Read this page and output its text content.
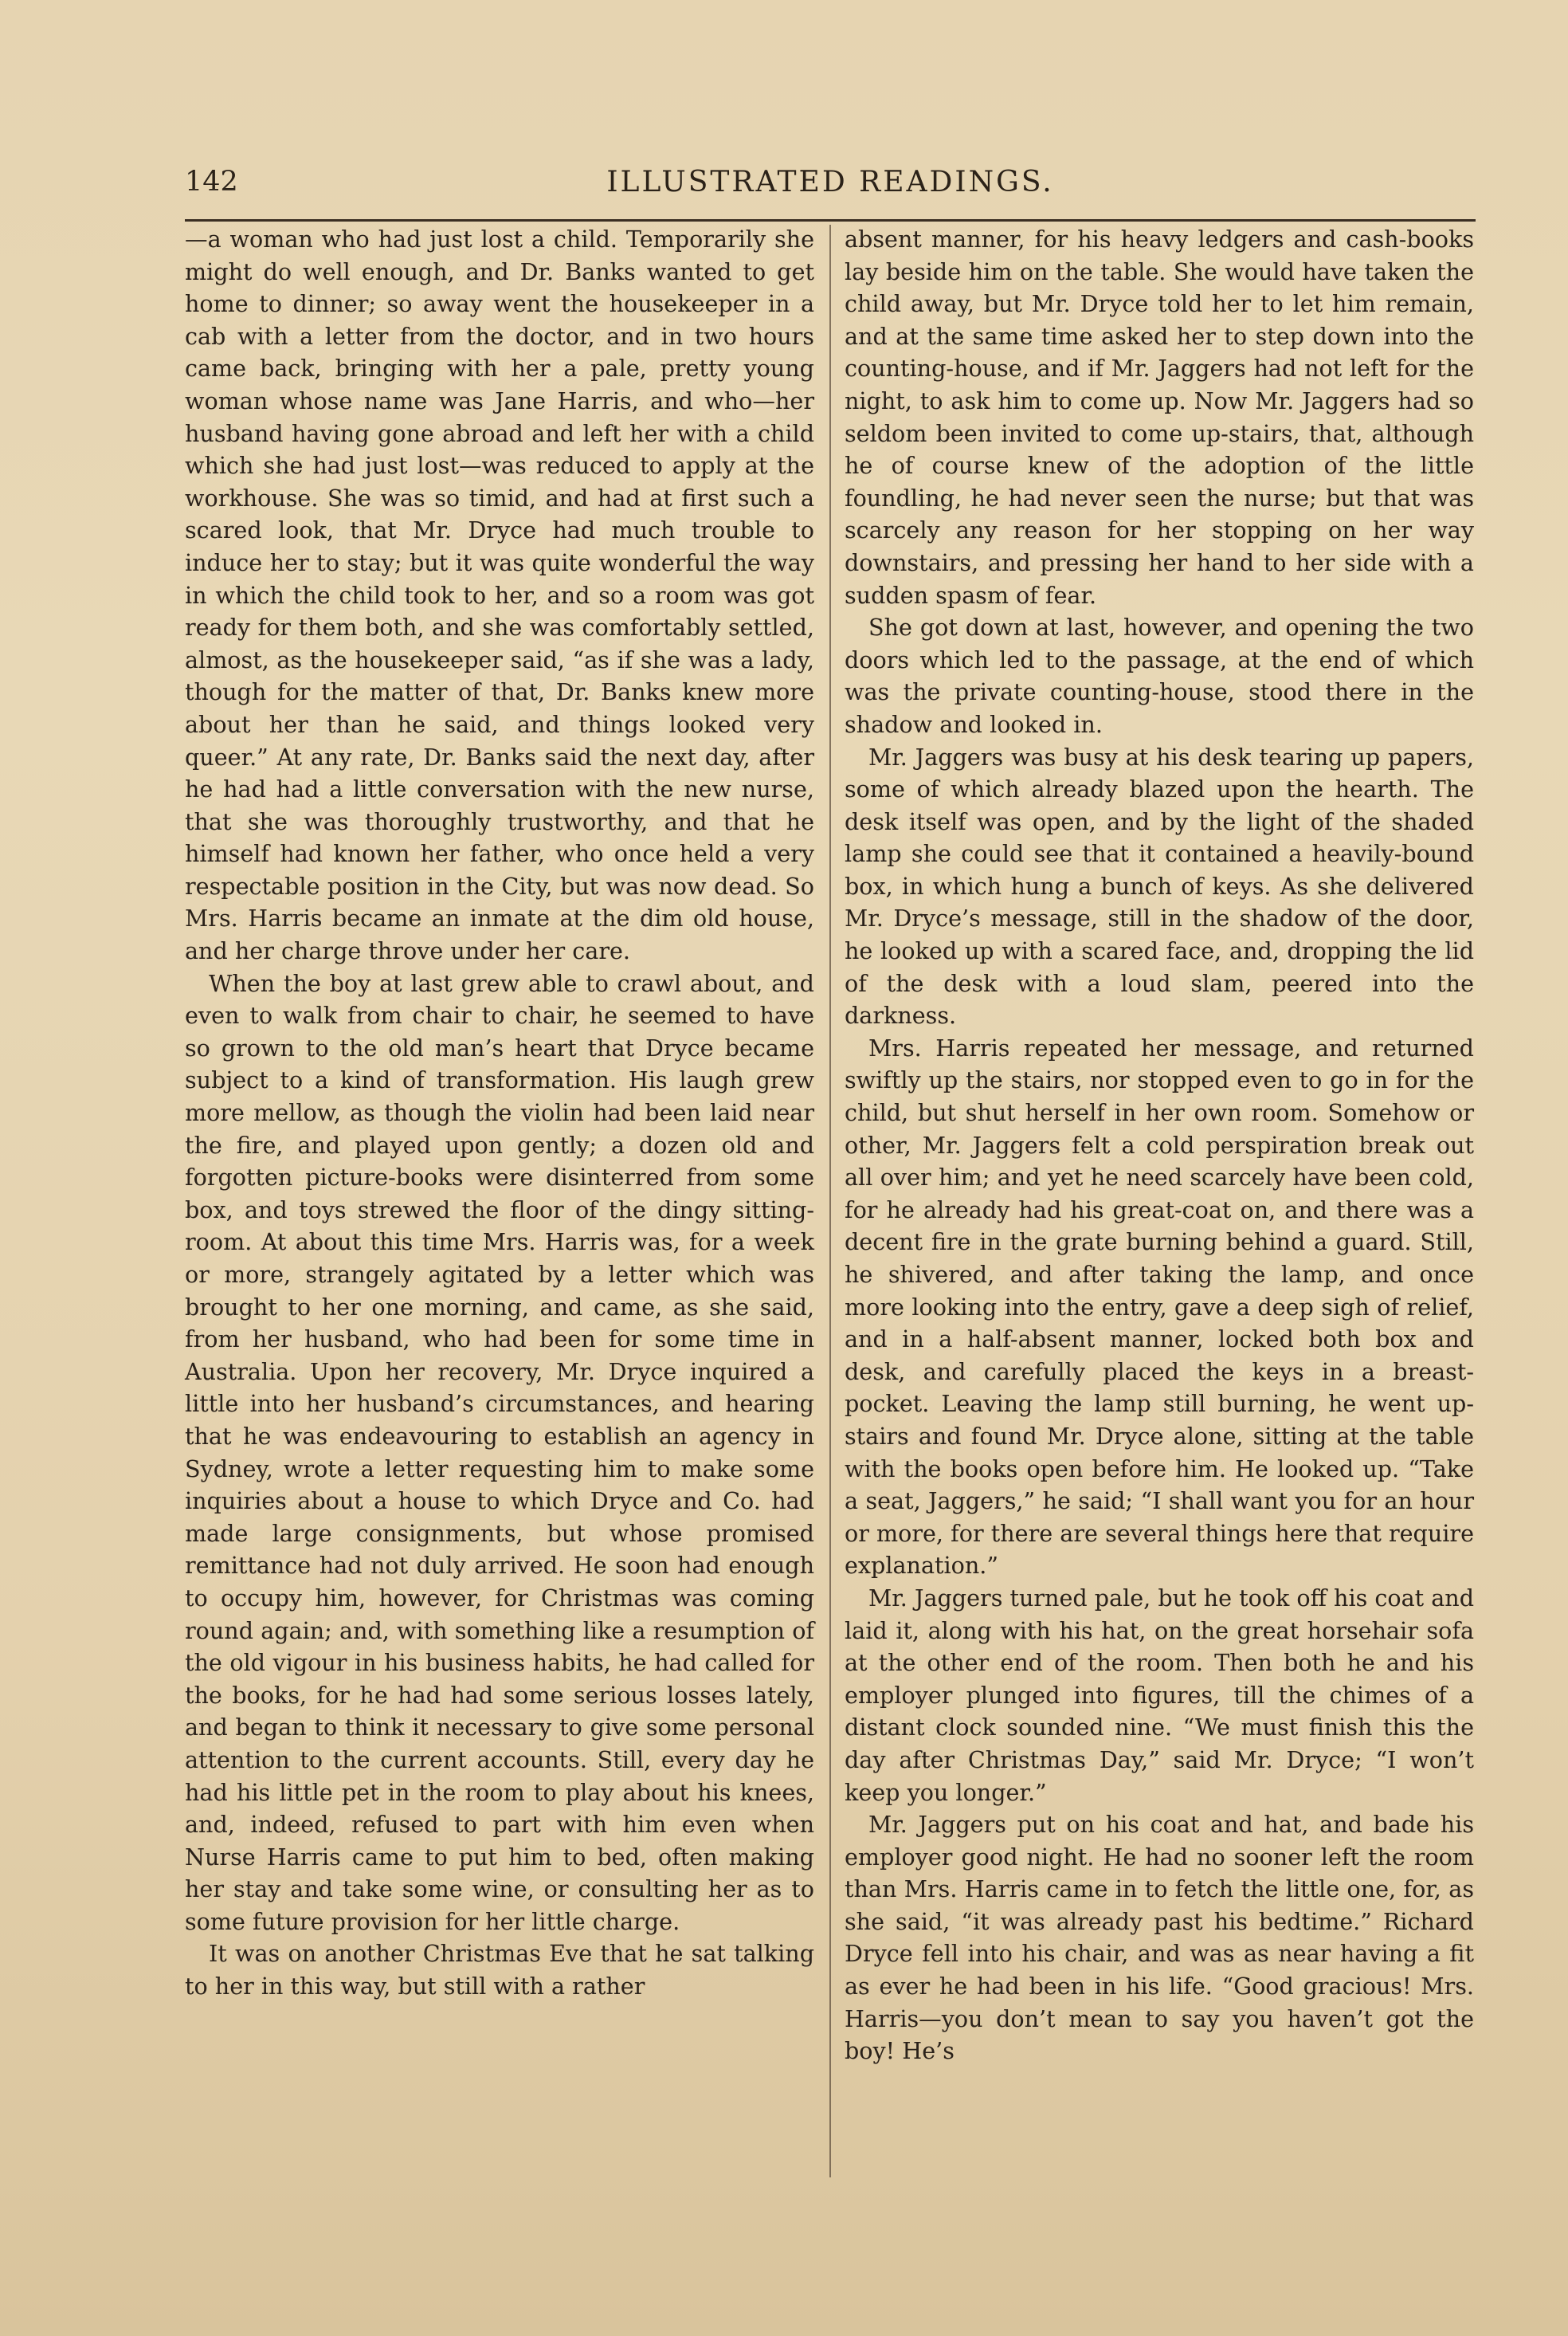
142	ILLUSTRATED READINGS.

—a woman who had just lost a child. Temporarily she might do well enough, and Dr. Banks wanted to get home to dinner; so away went the housekeeper in a cab with a letter from the doctor, and in two hours came back, bringing with her a pale, pretty young woman whose name was Jane Harris, and who—her husband having gone abroad and left her with a child which she had just lost—was reduced to apply at the workhouse. She was so timid, and had at first such a scared look, that Mr. Dryce had much trouble to induce her to stay; but it was quite wonderful the way in which the child took to her, and so a room was got ready for them both, and she was comfortably settled, almost, as the housekeeper said, “as if she was a lady, though for the matter of that, Dr. Banks knew more about her than he said, and things looked very queer.” At any rate, Dr. Banks said the next day, after he had had a little conversation with the new nurse, that she was thoroughly trustworthy, and that he himself had known her father, who once held a very respectable position in the City, but was now dead. So Mrs. Harris became an inmate at the dim old house, and her charge throve under her care.

When the boy at last grew able to crawl about, and even to walk from chair to chair, he seemed to have so grown to the old man’s heart that Dryce became subject to a kind of transformation. His laugh grew more mellow, as though the violin had been laid near the fire, and played upon gently; a dozen old and forgotten picture-books were disinterred from some box, and toys strewed the floor of the dingy sitting-room. At about this time Mrs. Harris was, for a week or more, strangely agitated by a letter which was brought to her one morning, and came, as she said, from her husband, who had been for some time in Australia. Upon her recovery, Mr. Dryce inquired a little into her husband’s circumstances, and hearing that he was endeavouring to establish an agency in Sydney, wrote a letter requesting him to make some inquiries about a house to which Dryce and Co. had made large consignments, but whose promised remittance had not duly arrived. He soon had enough to occupy him, however, for Christmas was coming round again; and, with something like a resumption of the old vigour in his business habits, he had called for the books, for he had had some serious losses lately, and began to think it necessary to give some personal attention to the current accounts. Still, every day he had his little pet in the room to play about his knees, and, indeed, refused to part with him even when Nurse Harris came to put him to bed, often making her stay and take some wine, or consulting her as to some future provision for her little charge.

It was on another Christmas Eve that he sat talking to her in this way, but still with a rather

absent manner, for his heavy ledgers and cash-books lay beside him on the table. She would have taken the child away, but Mr. Dryce told her to let him remain, and at the same time asked her to step down into the counting-house, and if Mr. Jaggers had not left for the night, to ask him to come up. Now Mr. Jaggers had so seldom been invited to come up-stairs, that, although he of course knew of the adoption of the little foundling, he had never seen the nurse; but that was scarcely any reason for her stopping on her way downstairs, and pressing her hand to her side with a sudden spasm of fear.

She got down at last, however, and opening the two doors which led to the passage, at the end of which was the private counting-house, stood there in the shadow and looked in.

Mr. Jaggers was busy at his desk tearing up papers, some of which already blazed upon the hearth. The desk itself was open, and by the light of the shaded lamp she could see that it contained a heavily-bound box, in which hung a bunch of keys. As she delivered Mr. Dryce’s message, still in the shadow of the door, he looked up with a scared face, and, dropping the lid of the desk with a loud slam, peered into the darkness.

Mrs. Harris repeated her message, and returned swiftly up the stairs, nor stopped even to go in for the child, but shut herself in her own room. Somehow or other, Mr. Jaggers felt a cold perspiration break out all over him; and yet he need scarcely have been cold, for he already had his great-coat on, and there was a decent fire in the grate burning behind a guard. Still, he shivered, and after taking the lamp, and once more looking into the entry, gave a deep sigh of relief, and in a half-absent manner, locked both box and desk, and carefully placed the keys in a breast-pocket. Leaving the lamp still burning, he went up-stairs and found Mr. Dryce alone, sitting at the table with the books open before him. He looked up. “Take a seat, Jaggers,” he said; “I shall want you for an hour or more, for there are several things here that require explanation.”

Mr. Jaggers turned pale, but he took off his coat and laid it, along with his hat, on the great horsehair sofa at the other end of the room. Then both he and his employer plunged into figures, till the chimes of a distant clock sounded nine. “We must finish this the day after Christmas Day,” said Mr. Dryce; “I won’t keep you longer.”

Mr. Jaggers put on his coat and hat, and bade his employer good night. He had no sooner left the room than Mrs. Harris came in to fetch the little one, for, as she said, “it was already past his bedtime.” Richard Dryce fell into his chair, and was as near having a fit as ever he had been in his life. “Good gracious! Mrs. Harris—you don’t mean to say you haven’t got the boy! He’s
